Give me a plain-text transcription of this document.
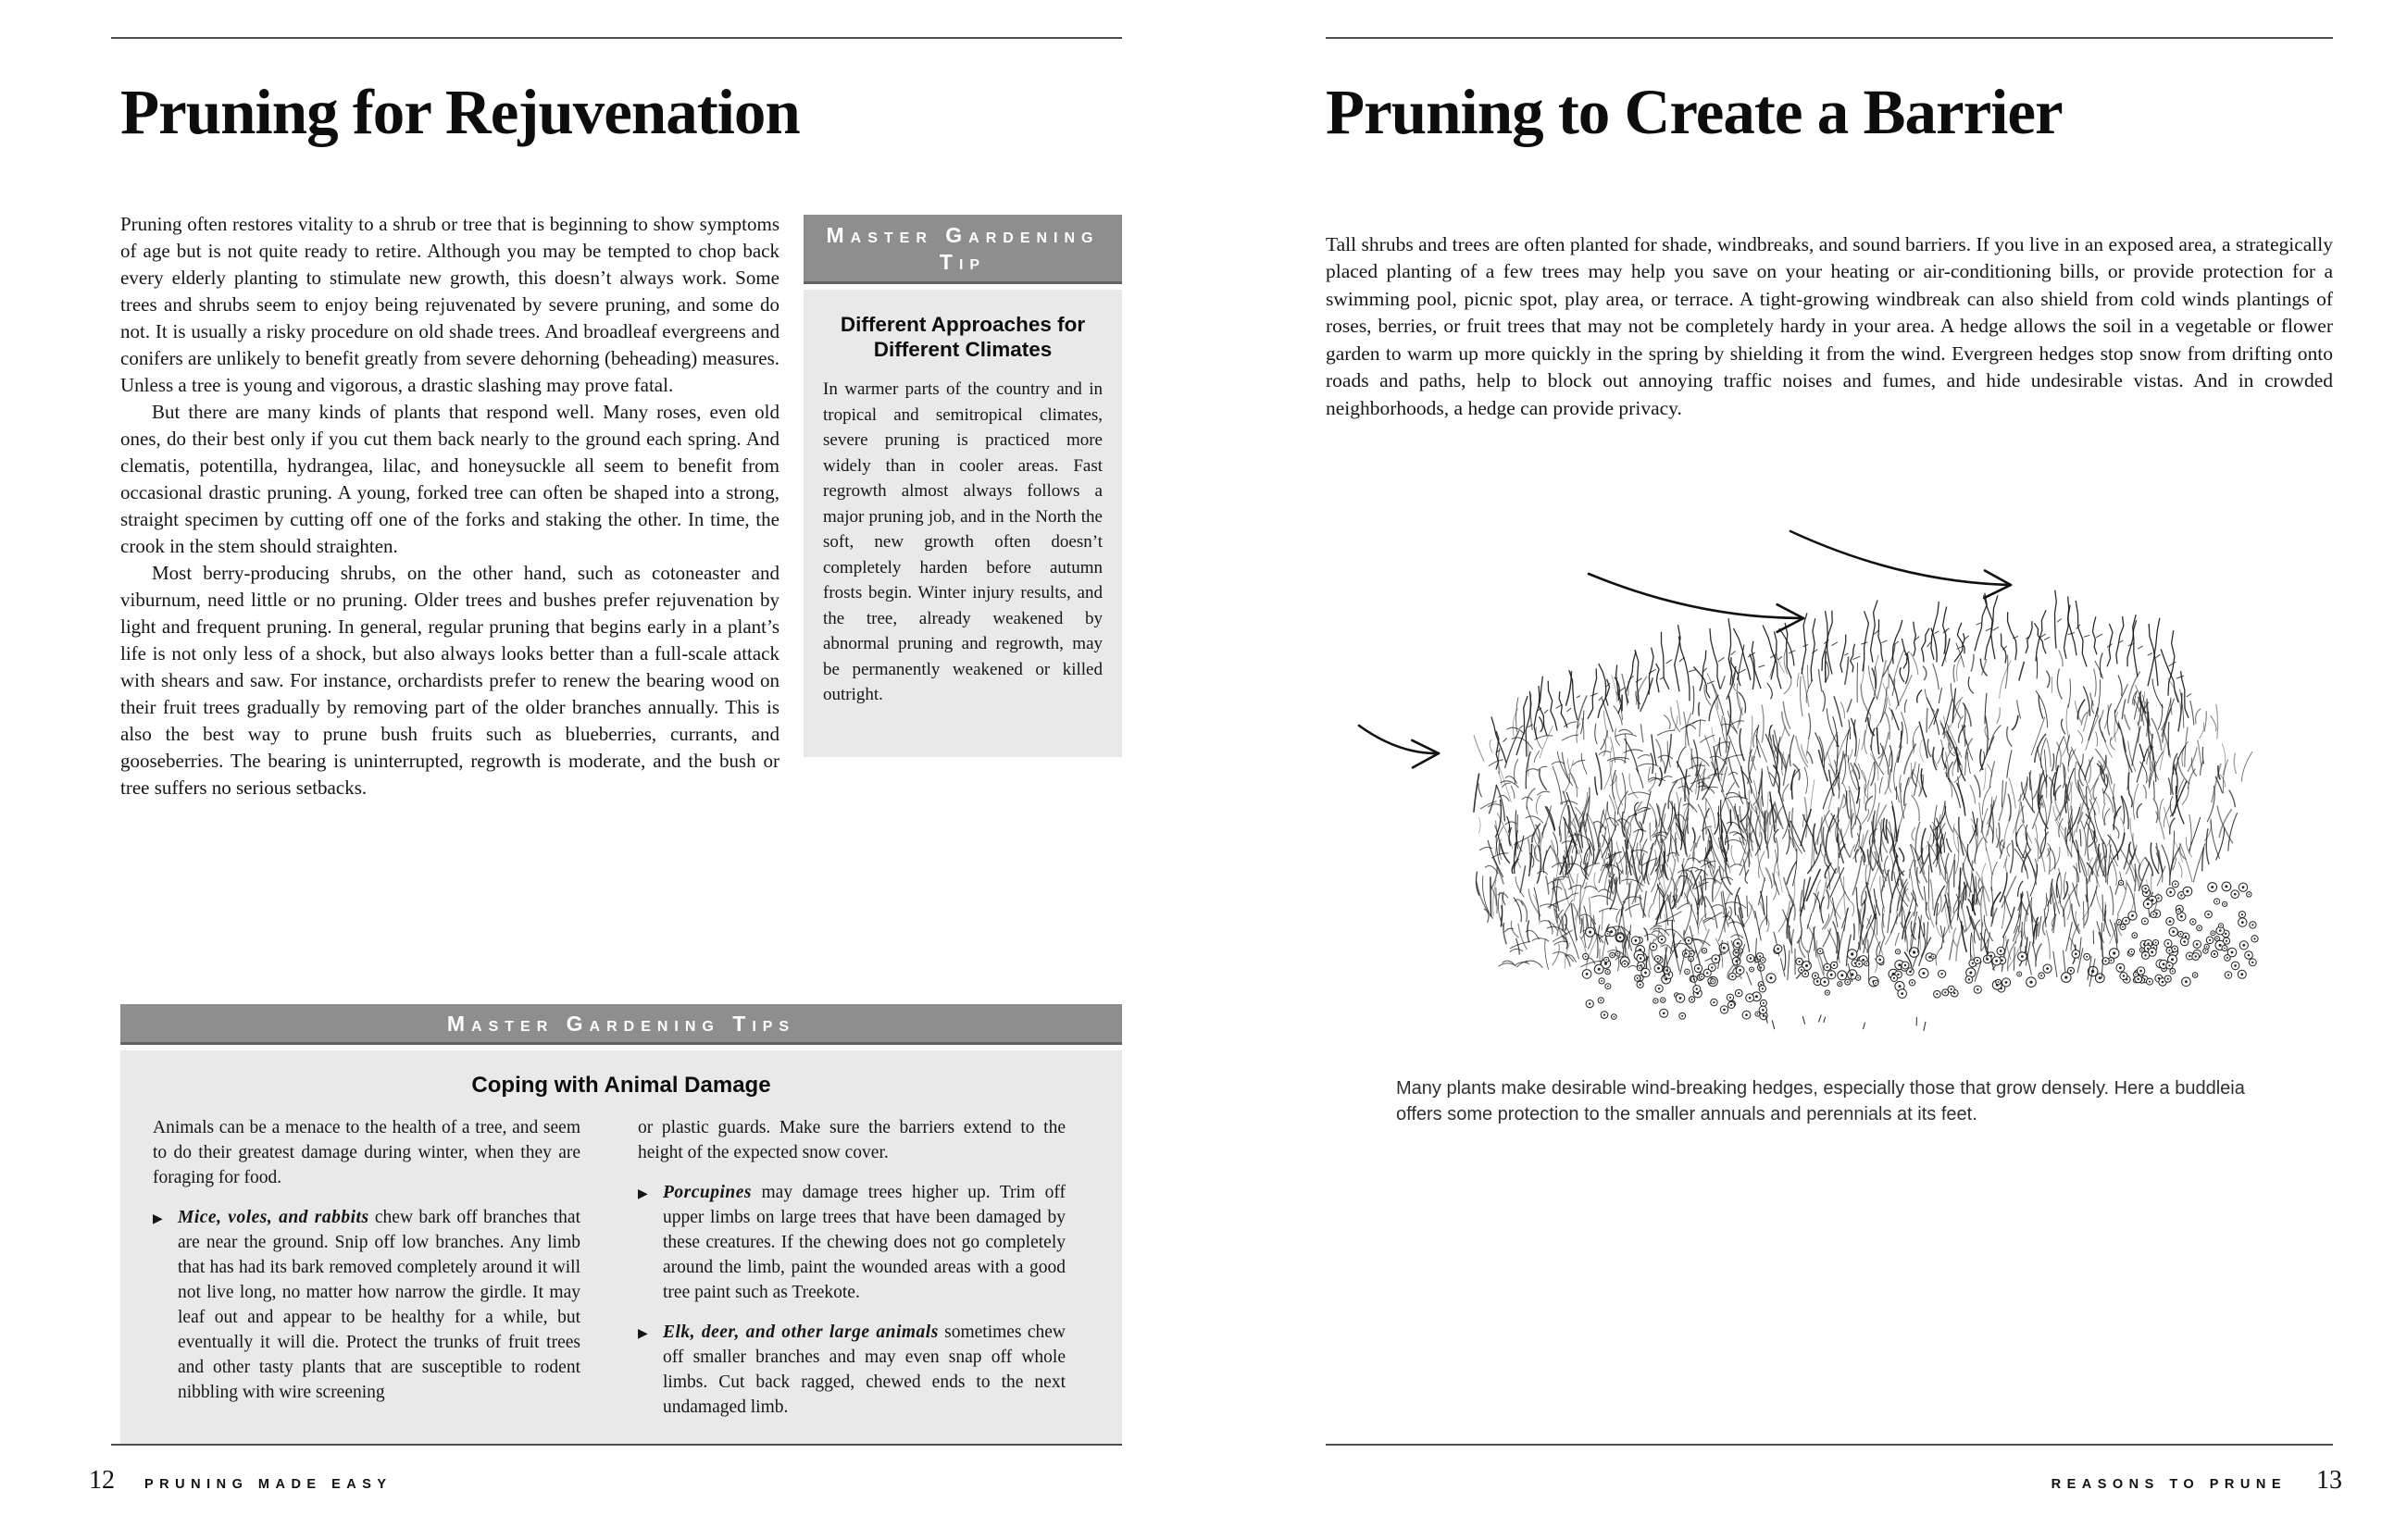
Pruning for Rejuvenation
Master Gardening Tip
Different Approaches for Different Climates

In warmer parts of the country and in tropical and semitropical climates, severe pruning is practiced more widely than in cooler areas. Fast regrowth almost always follows a major pruning job, and in the North the soft, new growth often doesn’t completely harden before autumn frosts begin. Winter injury results, and the tree, already weakened by abnormal pruning and regrowth, may be permanently weakened or killed outright.

Pruning often restores vitality to a shrub or tree that is beginning to show symptoms of age but is not quite ready to retire. Although you may be tempted to chop back every elderly planting to stimulate new growth, this doesn’t always work. Some trees and shrubs seem to enjoy being rejuvenated by severe pruning, and some do not. It is usually a risky procedure on old shade trees. And broadleaf evergreens and conifers are unlikely to benefit greatly from severe dehorning (beheading) measures. Unless a tree is young and vigorous, a drastic slashing may prove fatal.

But there are many kinds of plants that respond well. Many roses, even old ones, do their best only if you cut them back nearly to the ground each spring. And clematis, potentilla, hydrangea, lilac, and honeysuckle all seem to benefit from occasional drastic pruning. A young, forked tree can often be shaped into a strong, straight specimen by cutting off one of the forks and staking the other. In time, the crook in the stem should straighten.

Most berry-producing shrubs, on the other hand, such as cotoneaster and viburnum, need little or no pruning. Older trees and bushes prefer rejuvenation by light and frequent pruning. In general, regular pruning that begins early in a plant’s life is not only less of a shock, but also always looks better than a full-scale attack with shears and saw. For instance, orchardists prefer to renew the bearing wood on their fruit trees gradually by removing part of the older branches annually. This is also the best way to prune bush fruits such as blueberries, currants, and gooseberries. The bearing is uninterrupted, regrowth is moderate, and the bush or tree suffers no serious setbacks.

Master Gardening Tips
Coping with Animal Damage

Animals can be a menace to the health of a tree, and seem to do their greatest damage during winter, when they are foraging for food.

▶ Mice, voles, and rabbits chew bark off branches that are near the ground. Snip off low branches. Any limb that has had its bark removed completely around it will not live long, no matter how narrow the girdle. It may leaf out and appear to be healthy for a while, but eventually it will die. Protect the trunks of fruit trees and other tasty plants that are susceptible to rodent nibbling with wire screening

or plastic guards. Make sure the barriers extend to the height of the expected snow cover.

▶ Porcupines may damage trees higher up. Trim off upper limbs on large trees that have been damaged by these creatures. If the chewing does not go completely around the limb, paint the wounded areas with a good tree paint such as Treekote.
▶ Elk, deer, and other large animals sometimes chew off smaller branches and may even snap off whole limbs. Cut back ragged, chewed ends to the next undamaged limb.
12 PRUNING MADE EASY
Pruning to Create a Barrier

Tall shrubs and trees are often planted for shade, windbreaks, and sound barriers. If you live in an exposed area, a strategically placed planting of a few trees may help you save on your heating or air-conditioning bills, or provide protection for a swimming pool, picnic spot, play area, or terrace. A tight-growing windbreak can also shield from cold winds plantings of roses, berries, or fruit trees that may not be completely hardy in your area. A hedge allows the soil in a vegetable or flower garden to warm up more quickly in the spring by shielding it from the wind. Evergreen hedges stop snow from drifting onto roads and paths, help to block out annoying traffic noises and fumes, and hide undesirable vistas. And in crowded neighborhoods, a hedge can provide privacy.

Many plants make desirable wind-breaking hedges, especially those that grow densely. Here a buddleia offers some protection to the smaller annuals and perennials at its feet.

REASONS TO PRUNE 13
